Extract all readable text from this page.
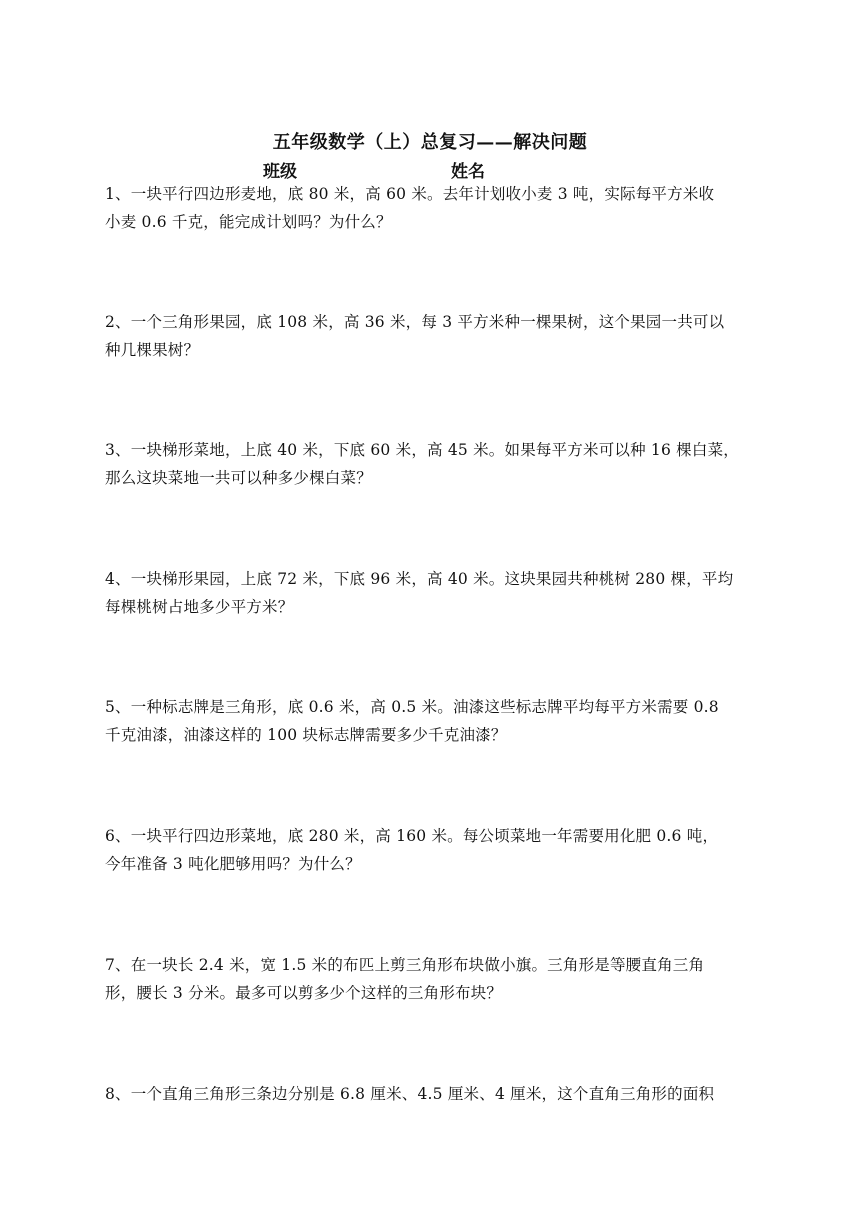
五年级数学（上）总复习——解决问题
班级	姓名
1、一块平行四边形麦地，底 80 米，高 60 米。去年计划收小麦 3 吨，实际每平方米收
小麦 0.6 千克，能完成计划吗？为什么？
2、一个三角形果园，底 108 米，高 36 米，每 3 平方米种一棵果树，这个果园一共可以
种几棵果树？
3、一块梯形菜地，上底 40 米，下底 60 米，高 45 米。如果每平方米可以种 16 棵白菜，
那么这块菜地一共可以种多少棵白菜？
4、一块梯形果园，上底 72 米，下底 96 米，高 40 米。这块果园共种桃树 280 棵，平均
每棵桃树占地多少平方米？
5、一种标志牌是三角形，底 0.6 米，高 0.5 米。油漆这些标志牌平均每平方米需要 0.8
千克油漆，油漆这样的 100 块标志牌需要多少千克油漆？
6、一块平行四边形菜地，底 280 米，高 160 米。每公顷菜地一年需要用化肥 0.6 吨，
今年准备 3 吨化肥够用吗？为什么？
7、在一块长 2.4 米，宽 1.5 米的布匹上剪三角形布块做小旗。三角形是等腰直角三角
形，腰长 3 分米。最多可以剪多少个这样的三角形布块？
8、一个直角三角形三条边分别是 6.8 厘米、4.5 厘米、4 厘米，这个直角三角形的面积
